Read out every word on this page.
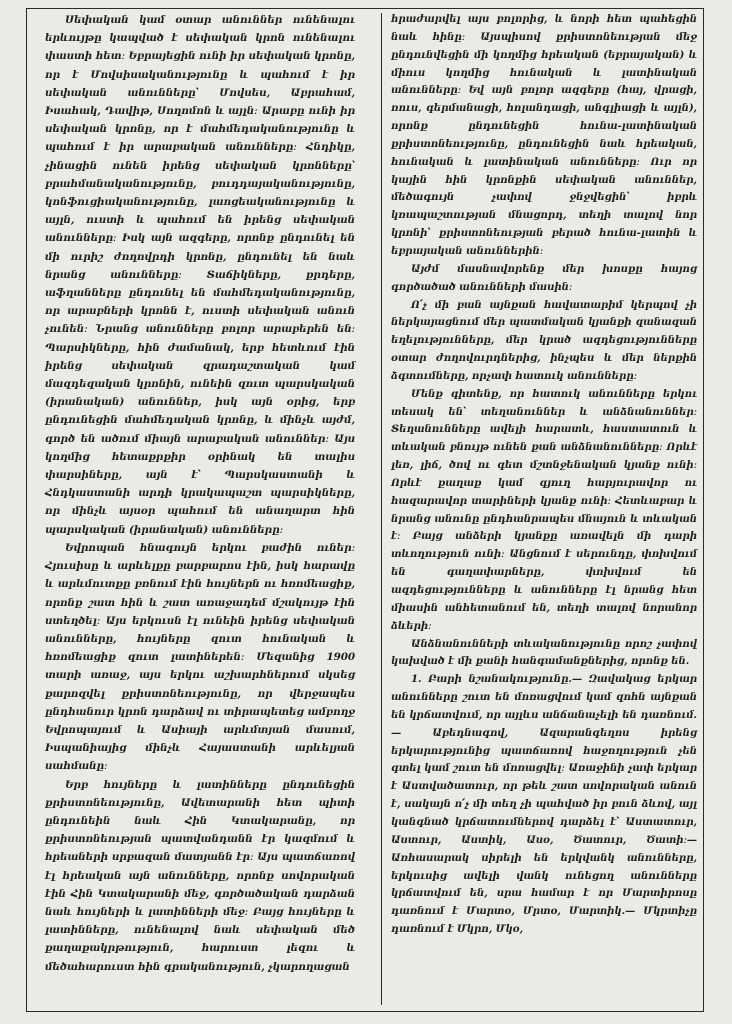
Սեփական կամ օտար անուններ ունենալու երևույթը կապված է սեփական կրոն ունենալու փաստի հետ։ Եբրայեցին ունի իր սեփական կրոնը, որ է Մովսիսականությունը և պահում է իր սեփական անունները՝ Մովսես, Աբրահամ, Իսահակ, Դավիթ, Սողոմոն և այլն։ Արաբը ունի իր սեփական կրոնը, որ է մահմեդականությունը և պահում է իր արաբական անունները։ Հնդիկը, չինացին ունեն իրենց սեփական կրոնները՝ բրահմանականությունը, բուդդայականությունը, կոնֆուցիականությունը, լաոցեականությունը և այլն, ուստի և պահում են իրենց սեփական անունները։ Իսկ այն ազգերը, որոնք ընդունել են մի ուրիշ ժողովրդի կրոնը, ընդունել են նաև նրանց անունները։ Տաճիկները, քրդերը, աֆղանները ընդունել են մահմեդականությունը, որ արաբների կրոնն է, ուստի սեփական անուն չունեն։ Նրանց անունները բոլոր արաբերեն են։ Պարսիկները, հին ժամանակ, երբ հետևում էին իրենց սեփական զրադաշտական կամ մազդեզական կրոնին, ունեին զուտ պարսկական (իրանական) անուններ, իսկ այն օրից, երբ ընդունեցին մահմեդական կրոնը, և մինչև այժմ, գործ են ածում միայն արաբական անուններ։ Այս կողմից հետաքրքիր օրինակ են տալիս փարսիները, այն է՝ Պարսկաստանի և Հնդկաստանի արդի կրակապաշտ պարսիկները, որ մինչև այսօր պահում են անաղարտ հին պարսկական (իրանական) անունները։

Եվրոպան հնագույն երկու բաժին ուներ։ Հյուսիսը և արևելքը բարբարոս էին, իսկ հարավը և արևմուտքը բռնում էին հույներն ու հռոմեացիք, որոնք շատ հին և շատ առաջադեմ մշակույթ էին ստեղծել։ Այս երկուսն էլ ունեին իրենց սեփական անունները, հույները զուտ հունական և հռոմեացիք զուտ լատիներեն։ Մեզանից 1900 տարի առաջ, այս երկու աշխարհներում սկսեց քարոզվել քրիստոնեությունը, որ վերջապես ընդհանուր կրոն դարձավ ու տիրապետեց ամբողջ Եվրոպայում և Ասիայի արևմտյան մասում, Իսպանիայից մինչև Հայաստանի արևելյան սահմանը։

Երբ հույները և լատինները ընդունեցին քրիստոնեությունը, Ավետարանի հետ պիտի ընդունեին նաև Հին Կտակարանը, որ քրիստոնեության պատվանդանն էր կազմում և հրեաների սրբազան մատյանն էր։ Այս պատճառով էլ հրեական այն անունները, որոնք սովորական էին Հին Կտակարանի մեջ, գործածական դարձան նաև հույների և լատինների մեջ։ Բայց հույները և լատինները, ունենալով նաև սեփական մեծ քաղաքակրթություն, հարուստ լեզու և մեծահարուստ հին գրականություն, չկարողացան

հրաժարվել այս բոլորից, և նորի հետ պահեցին նաև հինը։ Այսպիսով քրիստոնեության մեջ ընդունվեցին մի կողմից հրեական (եբրայական) և միուս կողմից հունական և լատինական անունները։ Եվ այն բոլոր ազգերը (հայ, վրացի, ռուս, գերմանացի, հոլանդացի, անգլիացի և այլն), որոնք ընդունեցին հունա-լատինական քրիստոնեությունը, ընդունեցին նաև հրեական, հունական և լատինական անունները։ Ուր որ կային հին կրոնքին սեփական անուններ, մեծագույն չափով ջնջվեցին՝ իբրև կռապաշտության մնացորդ, տեղի տալով նոր կրոնի՝ քրիստոնեության բերած հունա-լատին և եբրայական անուններին։

Այժմ մասնավորենք մեր խոսքը հայոց գործածած անունների մասին։

Ո՛չ մի բան այնքան հավատարիմ կերպով չի ներկայացնում մեր պատմական կյանքի զանազան եղելությունները, մեր կրած ազդեցությունները օտար ժողովուրդներից, ինչպես և մեր ներքին ձգտումները, որչափ հատուկ անունները։

Մենք գիտենք, որ հատուկ անունները երկու տեսակ են՝ տեղանուններ և անձնանուններ։ Տեղանունները ավելի հարատև, հաստատուն և տևական բնույթ ունեն քան անձնանունները։ Որևէ լեռ, լիճ, ծով ու գետ մշտնջենական կյանք ունի։ Որևէ քաղաք կամ գյուղ հարյուրավոր ու հազարավոր տարիների կյանք ունի։ Հետևաբար և նրանց անունը ընդհանրապես մնայուն և տևական է։ Բայց անձերի կյանքը առավելն մի դարի տևողություն ունի։ Անցնում է սերունդը, փոխվում են գաղափարները, փոխվում են ազդեցությունները և անունները էլ նրանց հետ միասին անհետանում են, տեղի տալով նորանոր ձևերի։

Անձնանունների տևականությունը որոշ չափով կախված է մի քանի հանգամանքներից, որոնք են.

1. Բարի նշանակությունը.— Զավակաց երկար անունները շուտ են մոռացվում կամ զոհն այնքան են կրճատվում, որ այլևս անճանաչելի են դառնում.— Աբեդնագով, Ազարանգեղոս իրենց երկարությունից պատճառով հաջողություն չեն գտել կամ շուտ են մոռացվել։ Առաջինի չափ երկար է Աստվածատուր, որ թեև շատ սովորական անուն է, սակայն ո՛չ մի տեղ չի պահված իր բուն ձևով, այլ կանգնած կրճատումներով դարձել է՝ Աստատուր, Աստուր, Աստիկ, Ասօ, Ծատուր, Ծատի։— Առհասարակ սիրելի են երկվանկ անունները, երկուսից ավելի վանկ ունեցող անունները կրճատվում են, սրա համար է որ Մարտիրոսը դառնում է Մարտօ, Մրտօ, Մարտիկ.— Մկրտիչը դառնում է Մկրո, Մկօ,
